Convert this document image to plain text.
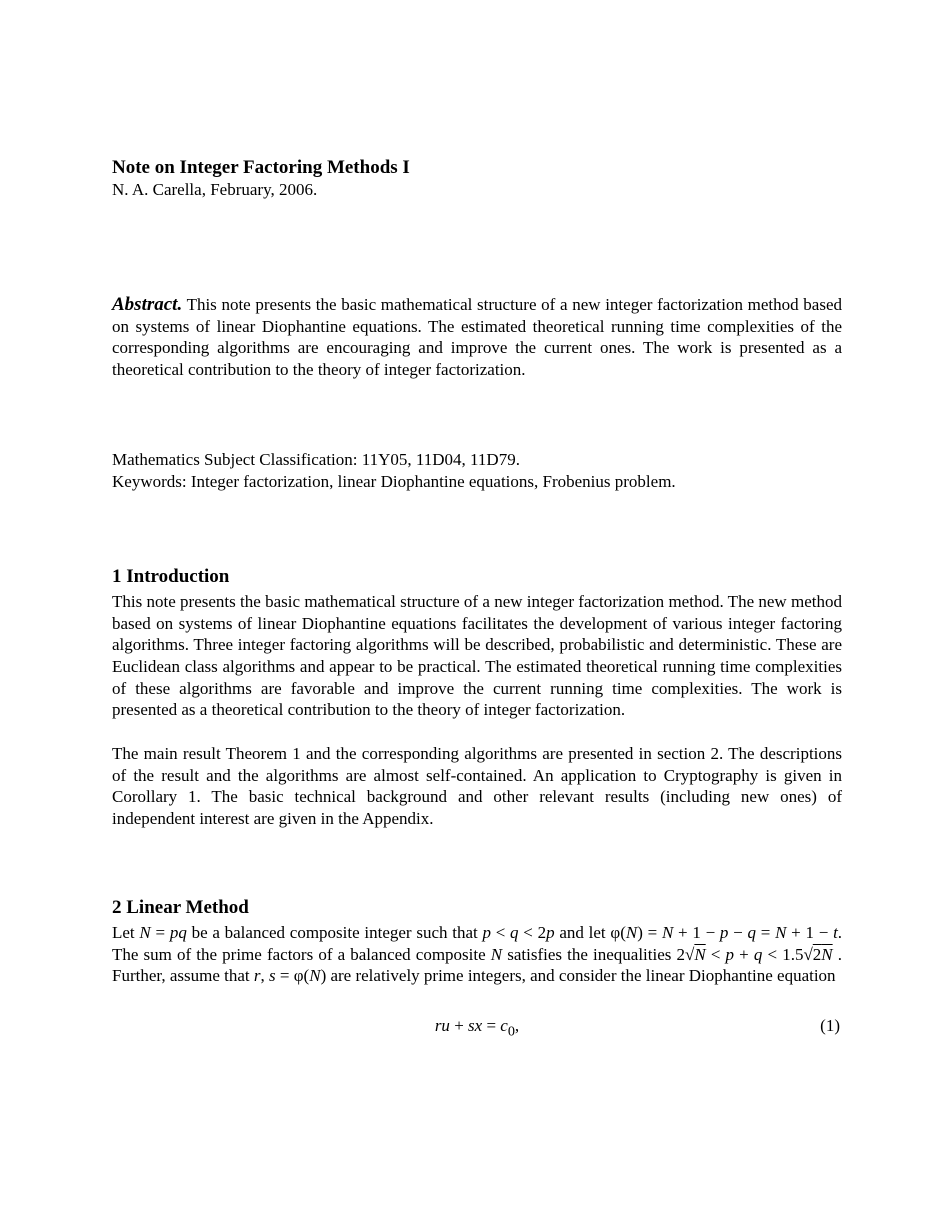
Note on Integer Factoring Methods I
N. A. Carella, February, 2006.

Abstract. This note presents the basic mathematical structure of a new integer factorization method based on systems of linear Diophantine equations. The estimated theoretical running time complexities of the corresponding algorithms are encouraging and improve the current ones. The work is presented as a theoretical contribution to the theory of integer factorization.

Mathematics Subject Classification: 11Y05, 11D04, 11D79.
Keywords: Integer factorization, linear Diophantine equations, Frobenius problem.
1 Introduction

This note presents the basic mathematical structure of a new integer factorization method. The new method based on systems of linear Diophantine equations facilitates the development of various integer factoring algorithms. Three integer factoring algorithms will be described, probabilistic and deterministic. These are Euclidean class algorithms and appear to be practical. The estimated theoretical running time complexities of these algorithms are favorable and improve the current running time complexities. The work is presented as a theoretical contribution to the theory of integer factorization.

The main result Theorem 1 and the corresponding algorithms are presented in section 2. The descriptions of the result and the algorithms are almost self-contained. An application to Cryptography is given in Corollary 1. The basic technical background and other relevant results (including new ones) of independent interest are given in the Appendix.

2 Linear Method

Let N = pq be a balanced composite integer such that p < q < 2p and let φ(N) = N + 1 − p − q = N + 1 − t. The sum of the prime factors of a balanced composite N satisfies the inequalities 2√N < p + q < 1.5√2N . Further, assume that r, s = φ(N) are relatively prime integers, and consider the linear Diophantine equation

ru + sx = $c_0$,	(1)
